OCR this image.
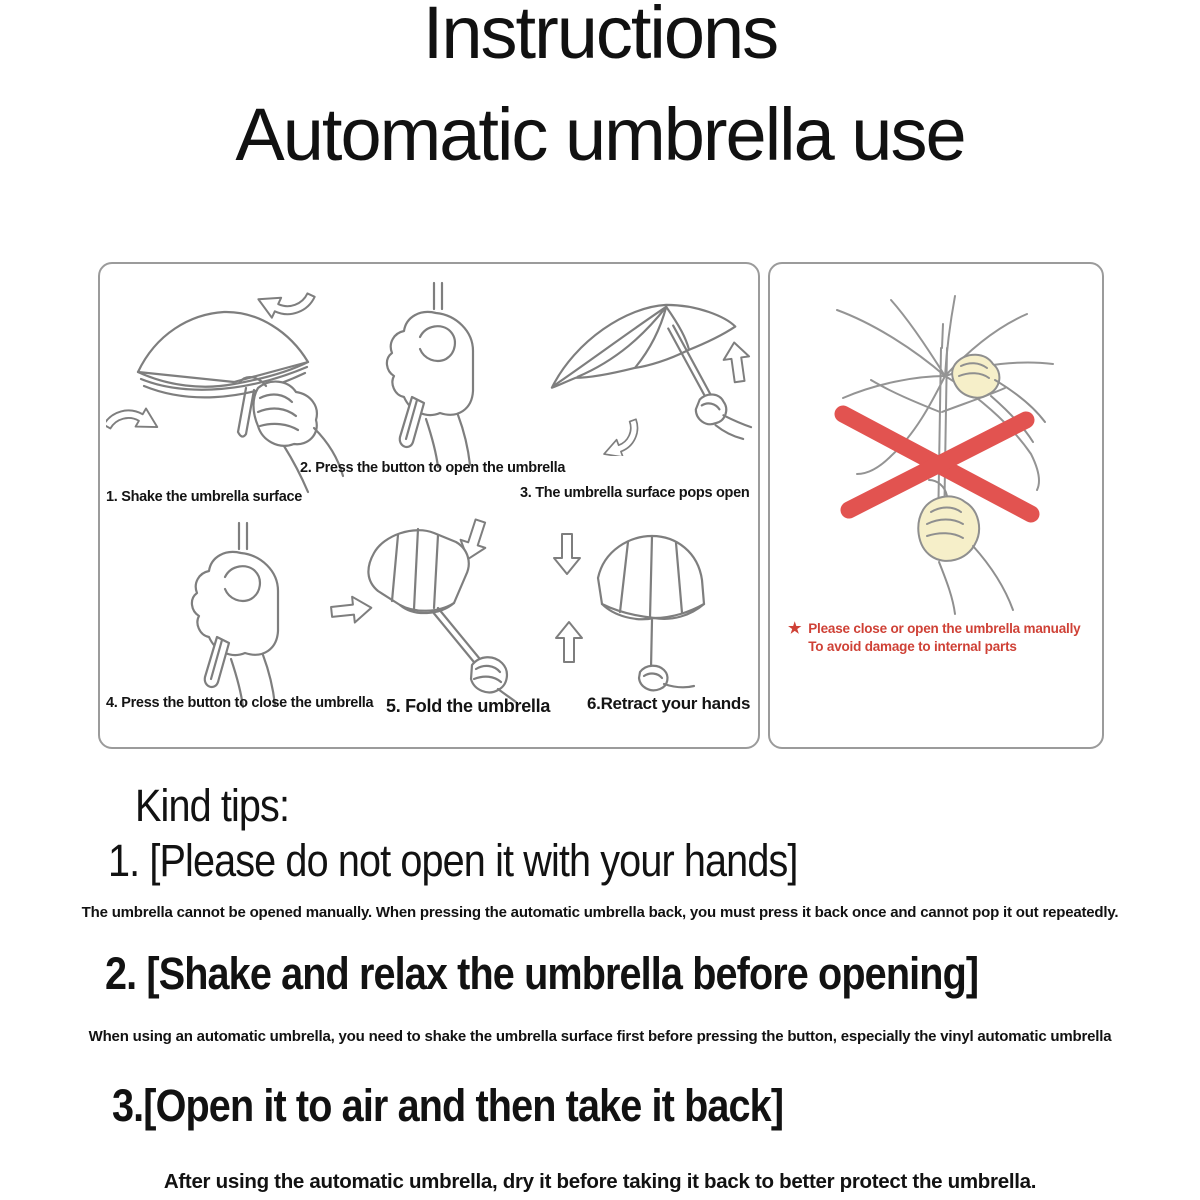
Instructions
Automatic umbrella use
1. Shake the umbrella surface
2. Press the button to open the umbrella
3. The umbrella surface pops open
4. Press the button to close the umbrella 5. Fold the umbrella 6.Retract your hands
★ Please close or open the umbrella manually
To avoid damage to internal parts
Kind tips:
1. [Please do not open it with your hands]
The umbrella cannot be opened manually. When pressing the automatic umbrella back, you must press it back once and cannot pop it out repeatedly.
2. [Shake and relax the umbrella before opening]
When using an automatic umbrella, you need to shake the umbrella surface first before pressing the button, especially the vinyl automatic umbrella
3.[Open it to air and then take it back]
After using the automatic umbrella, dry it before taking it back to better protect the umbrella.
